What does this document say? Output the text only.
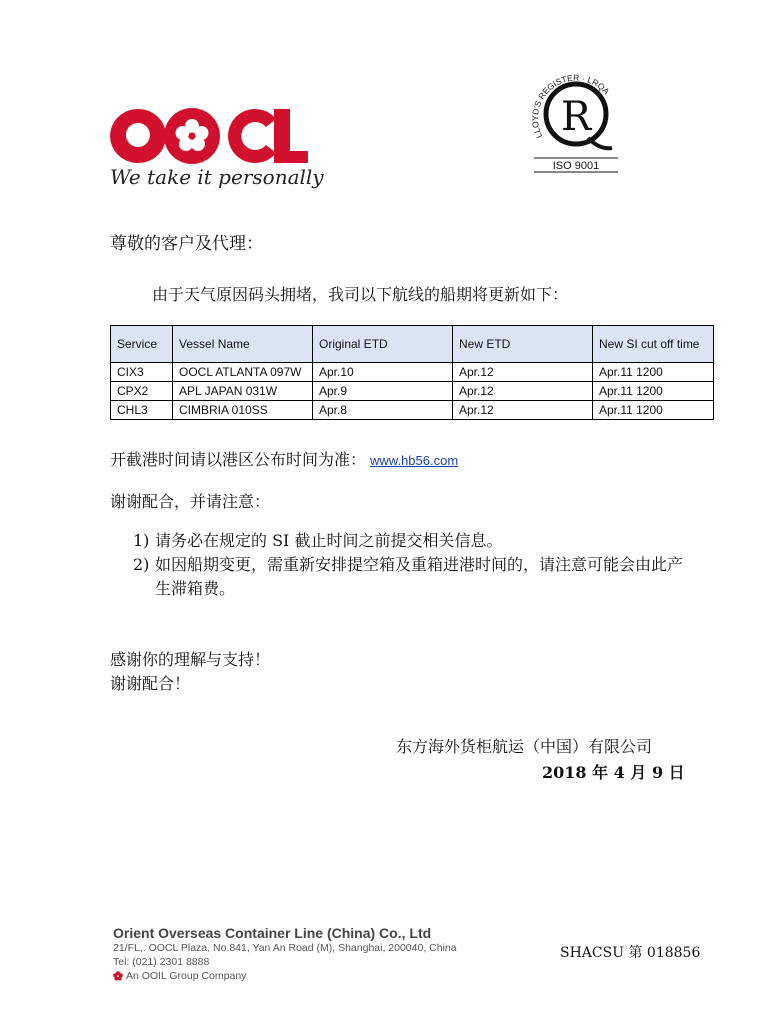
We take it personally
LLOYD'S REGISTER · LRQA
R
ISO 9001
尊敬的客户及代理：
由于天气原因码头拥堵，我司以下航线的船期将更新如下：
Service	Vessel Name	Original ETD	New ETD	New SI cut off time
CIX3	OOCL ATLANTA 097W	Apr.10	Apr.12	Apr.11 1200
CPX2	APL JAPAN 031W	Apr.9	Apr.12	Apr.11 1200
CHL3	CIMBRIA 010SS	Apr.8	Apr.12	Apr.11 1200
开截港时间请以港区公布时间为准： www.hb56.com
谢谢配合，并请注意：
1) 请务必在规定的 SI 截止时间之前提交相关信息。
2) 如因船期变更，需重新安排提空箱及重箱进港时间的，请注意可能会由此产生滞箱费。
感谢你的理解与支持！
谢谢配合！
东方海外货柜航运（中国）有限公司
2018 年 4 月 9 日
Orient Overseas Container Line (China) Co., Ltd
21/FL,. OOCL Plaza, No.841, Yan An Road (M), Shanghai, 200040, China
Tel: (021) 2301 8888
An OOIL Group Company
SHACSU 第 018856
